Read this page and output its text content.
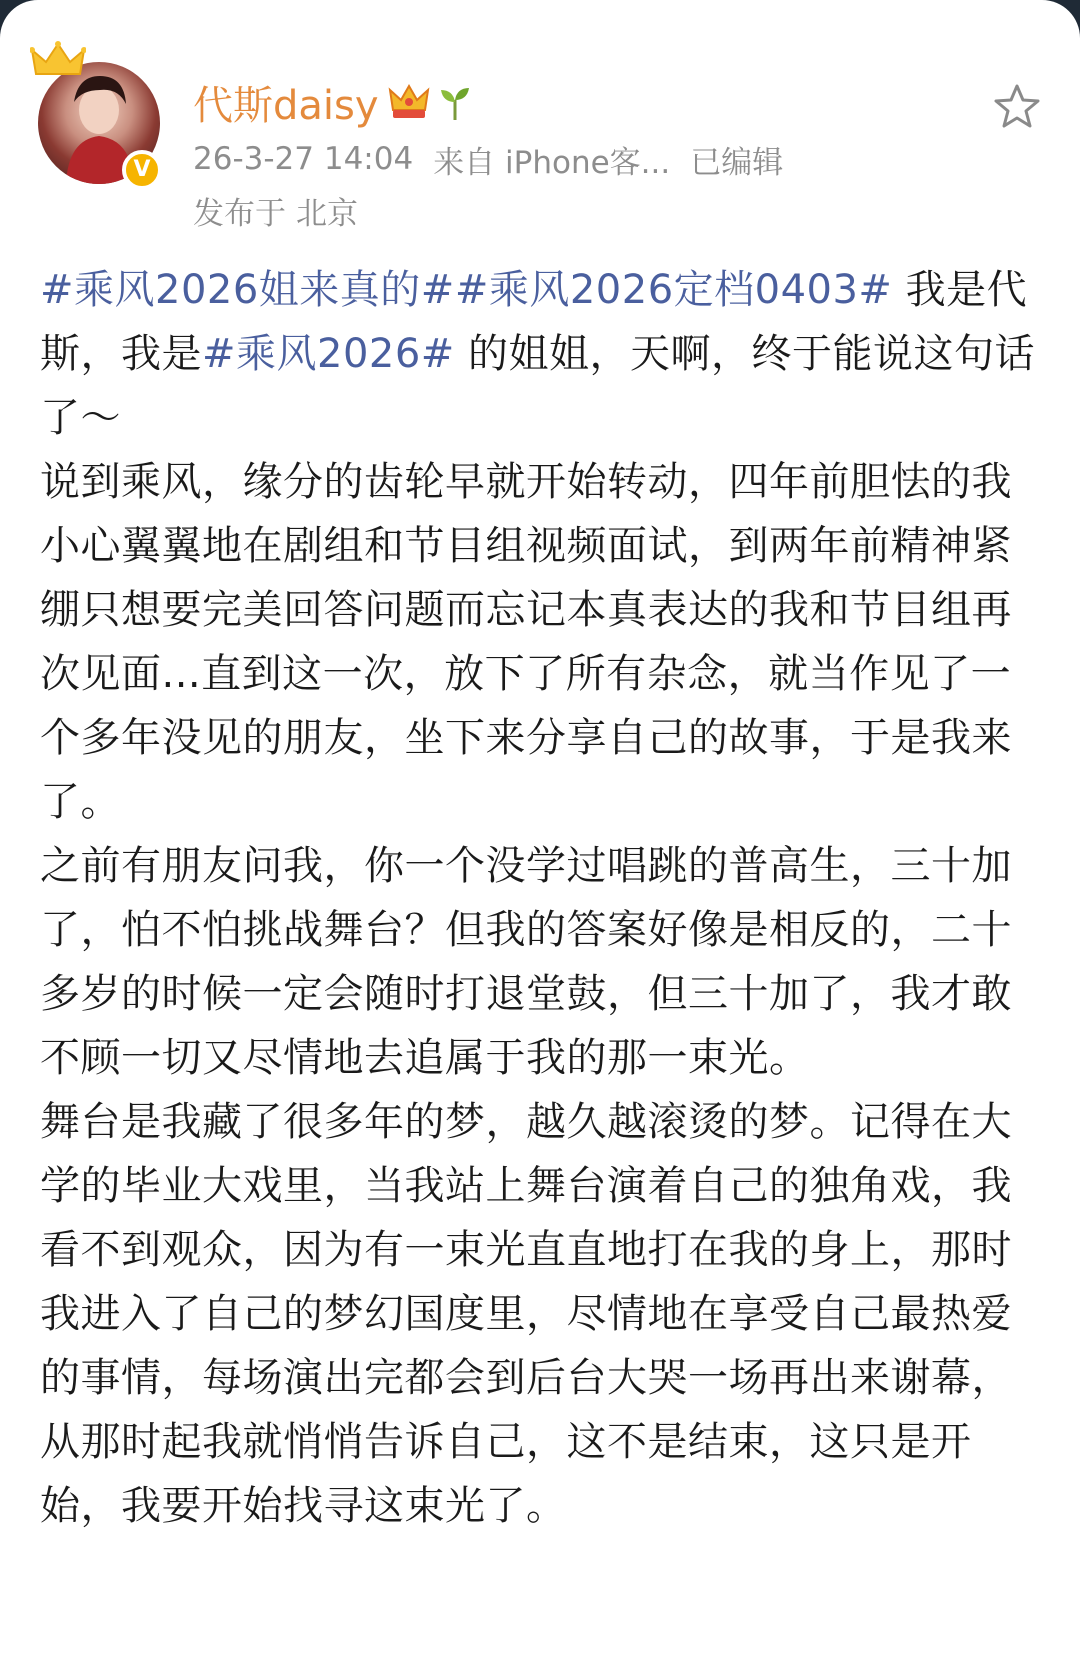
V
代斯daisy
26-3-27 14:04 来自 iPhone客... 已编辑
发布于 北京
#乘风2026姐来真的##乘风2026定档0403# 我是代斯，我是#乘风2026# 的姐姐，天啊，终于能说这句话了～
说到乘风，缘分的齿轮早就开始转动，四年前胆怯的我小心翼翼地在剧组和节目组视频面试，到两年前精神紧绷只想要完美回答问题而忘记本真表达的我和节目组再次见面...直到这一次，放下了所有杂念，就当作见了一个多年没见的朋友，坐下来分享自己的故事，于是我来了。
之前有朋友问我，你一个没学过唱跳的普高生，三十加了，怕不怕挑战舞台？但我的答案好像是相反的，二十多岁的时候一定会随时打退堂鼓，但三十加了，我才敢不顾一切又尽情地去追属于我的那一束光。
舞台是我藏了很多年的梦，越久越滚烫的梦。记得在大学的毕业大戏里，当我站上舞台演着自己的独角戏，我看不到观众，因为有一束光直直地打在我的身上，那时我进入了自己的梦幻国度里，尽情地在享受自己最热爱的事情，每场演出完都会到后台大哭一场再出来谢幕，从那时起我就悄悄告诉自己，这不是结束，这只是开始，我要开始找寻这束光了。
